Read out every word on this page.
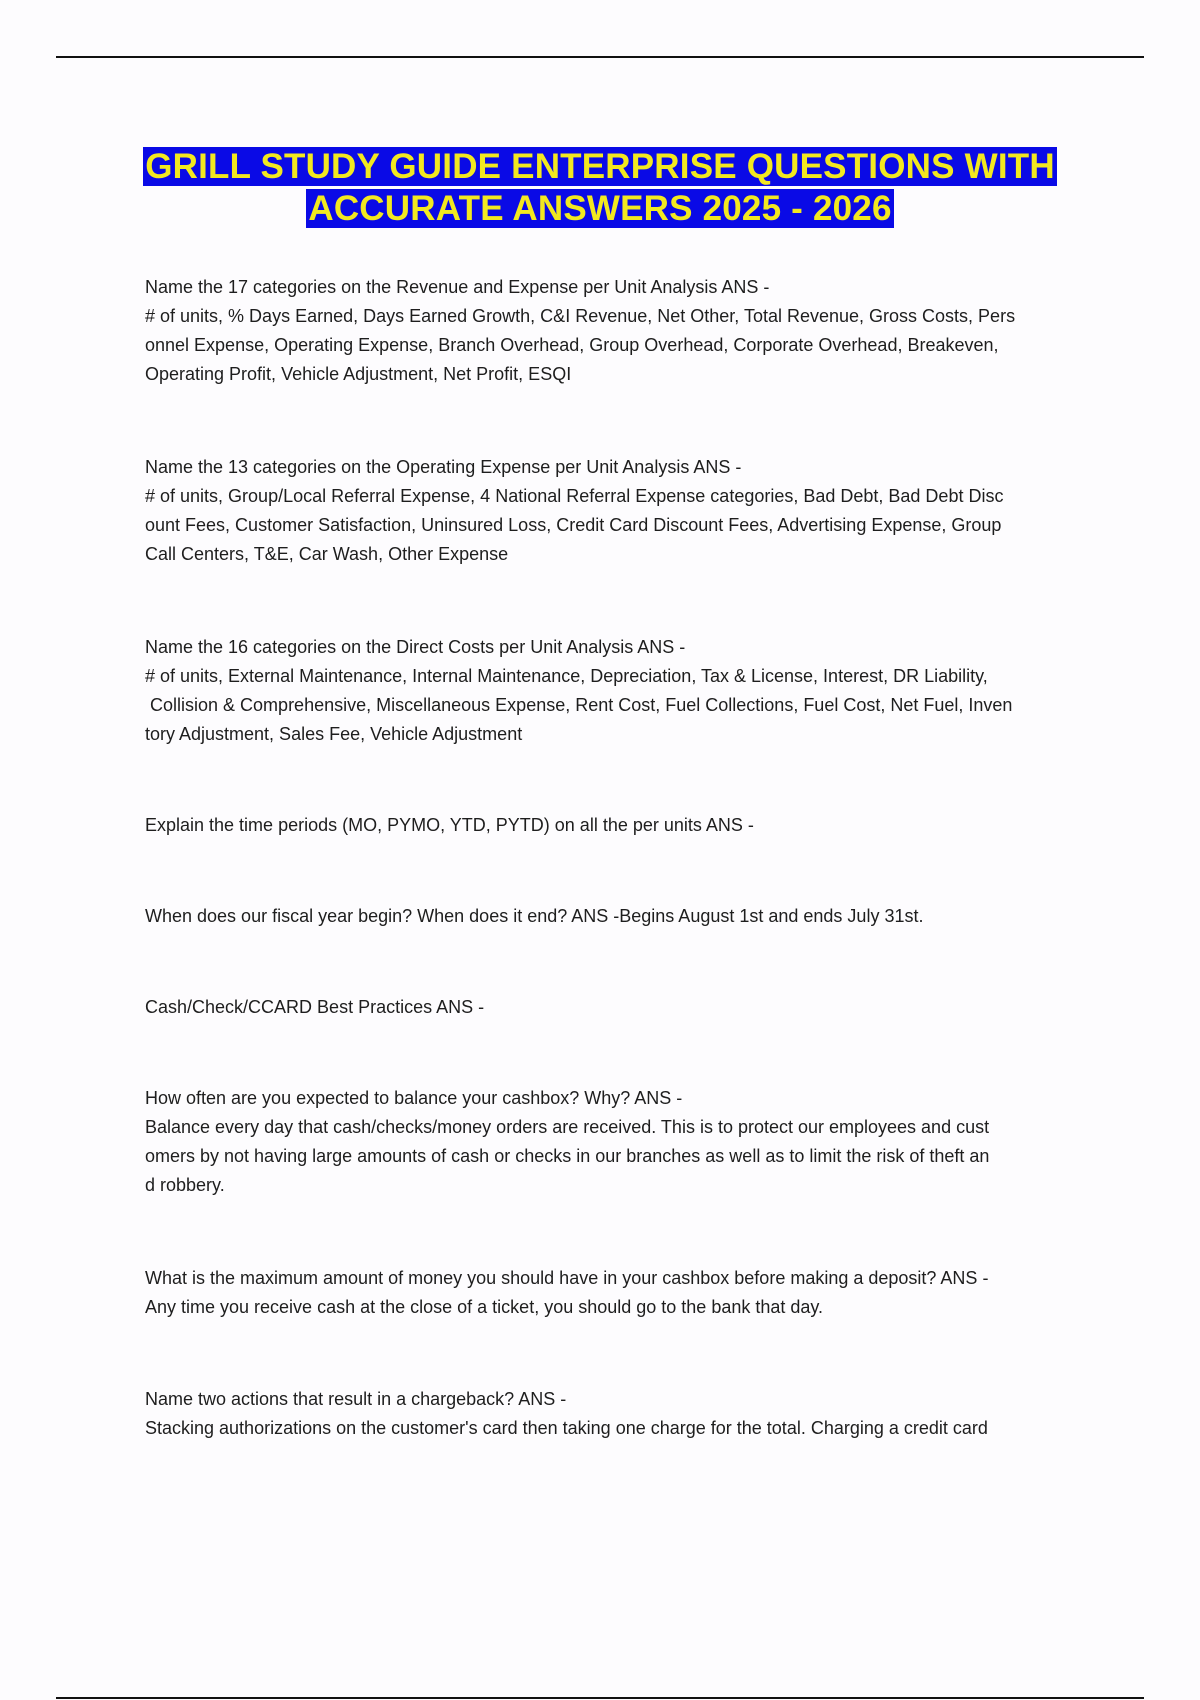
GRILL STUDY GUIDE ENTERPRISE QUESTIONS WITH
ACCURATE ANSWERS 2025 - 2026

Name the 17 categories on the Revenue and Expense per Unit Analysis ANS -

# of units, % Days Earned, Days Earned Growth, C&I Revenue, Net Other, Total Revenue, Gross Costs, Pers
onnel Expense, Operating Expense, Branch Overhead, Group Overhead, Corporate Overhead, Breakeven,
Operating Profit, Vehicle Adjustment, Net Profit, ESQI

Name the 13 categories on the Operating Expense per Unit Analysis ANS -

# of units, Group/Local Referral Expense, 4 National Referral Expense categories, Bad Debt, Bad Debt Disc
ount Fees, Customer Satisfaction, Uninsured Loss, Credit Card Discount Fees, Advertising Expense, Group
Call Centers, T&E, Car Wash, Other Expense

Name the 16 categories on the Direct Costs per Unit Analysis ANS -

# of units, External Maintenance, Internal Maintenance, Depreciation, Tax & License, Interest, DR Liability,
Collision & Comprehensive, Miscellaneous Expense, Rent Cost, Fuel Collections, Fuel Cost, Net Fuel, Inven
tory Adjustment, Sales Fee, Vehicle Adjustment

Explain the time periods (MO, PYMO, YTD, PYTD) on all the per units ANS -

When does our fiscal year begin? When does it end? ANS -Begins August 1st and ends July 31st.

Cash/Check/CCARD Best Practices ANS -

How often are you expected to balance your cashbox? Why? ANS -

Balance every day that cash/checks/money orders are received. This is to protect our employees and cust
omers by not having large amounts of cash or checks in our branches as well as to limit the risk of theft an
d robbery.

What is the maximum amount of money you should have in your cashbox before making a deposit? ANS -

Any time you receive cash at the close of a ticket, you should go to the bank that day.

Name two actions that result in a chargeback? ANS -

Stacking authorizations on the customer's card then taking one charge for the total. Charging a credit card
